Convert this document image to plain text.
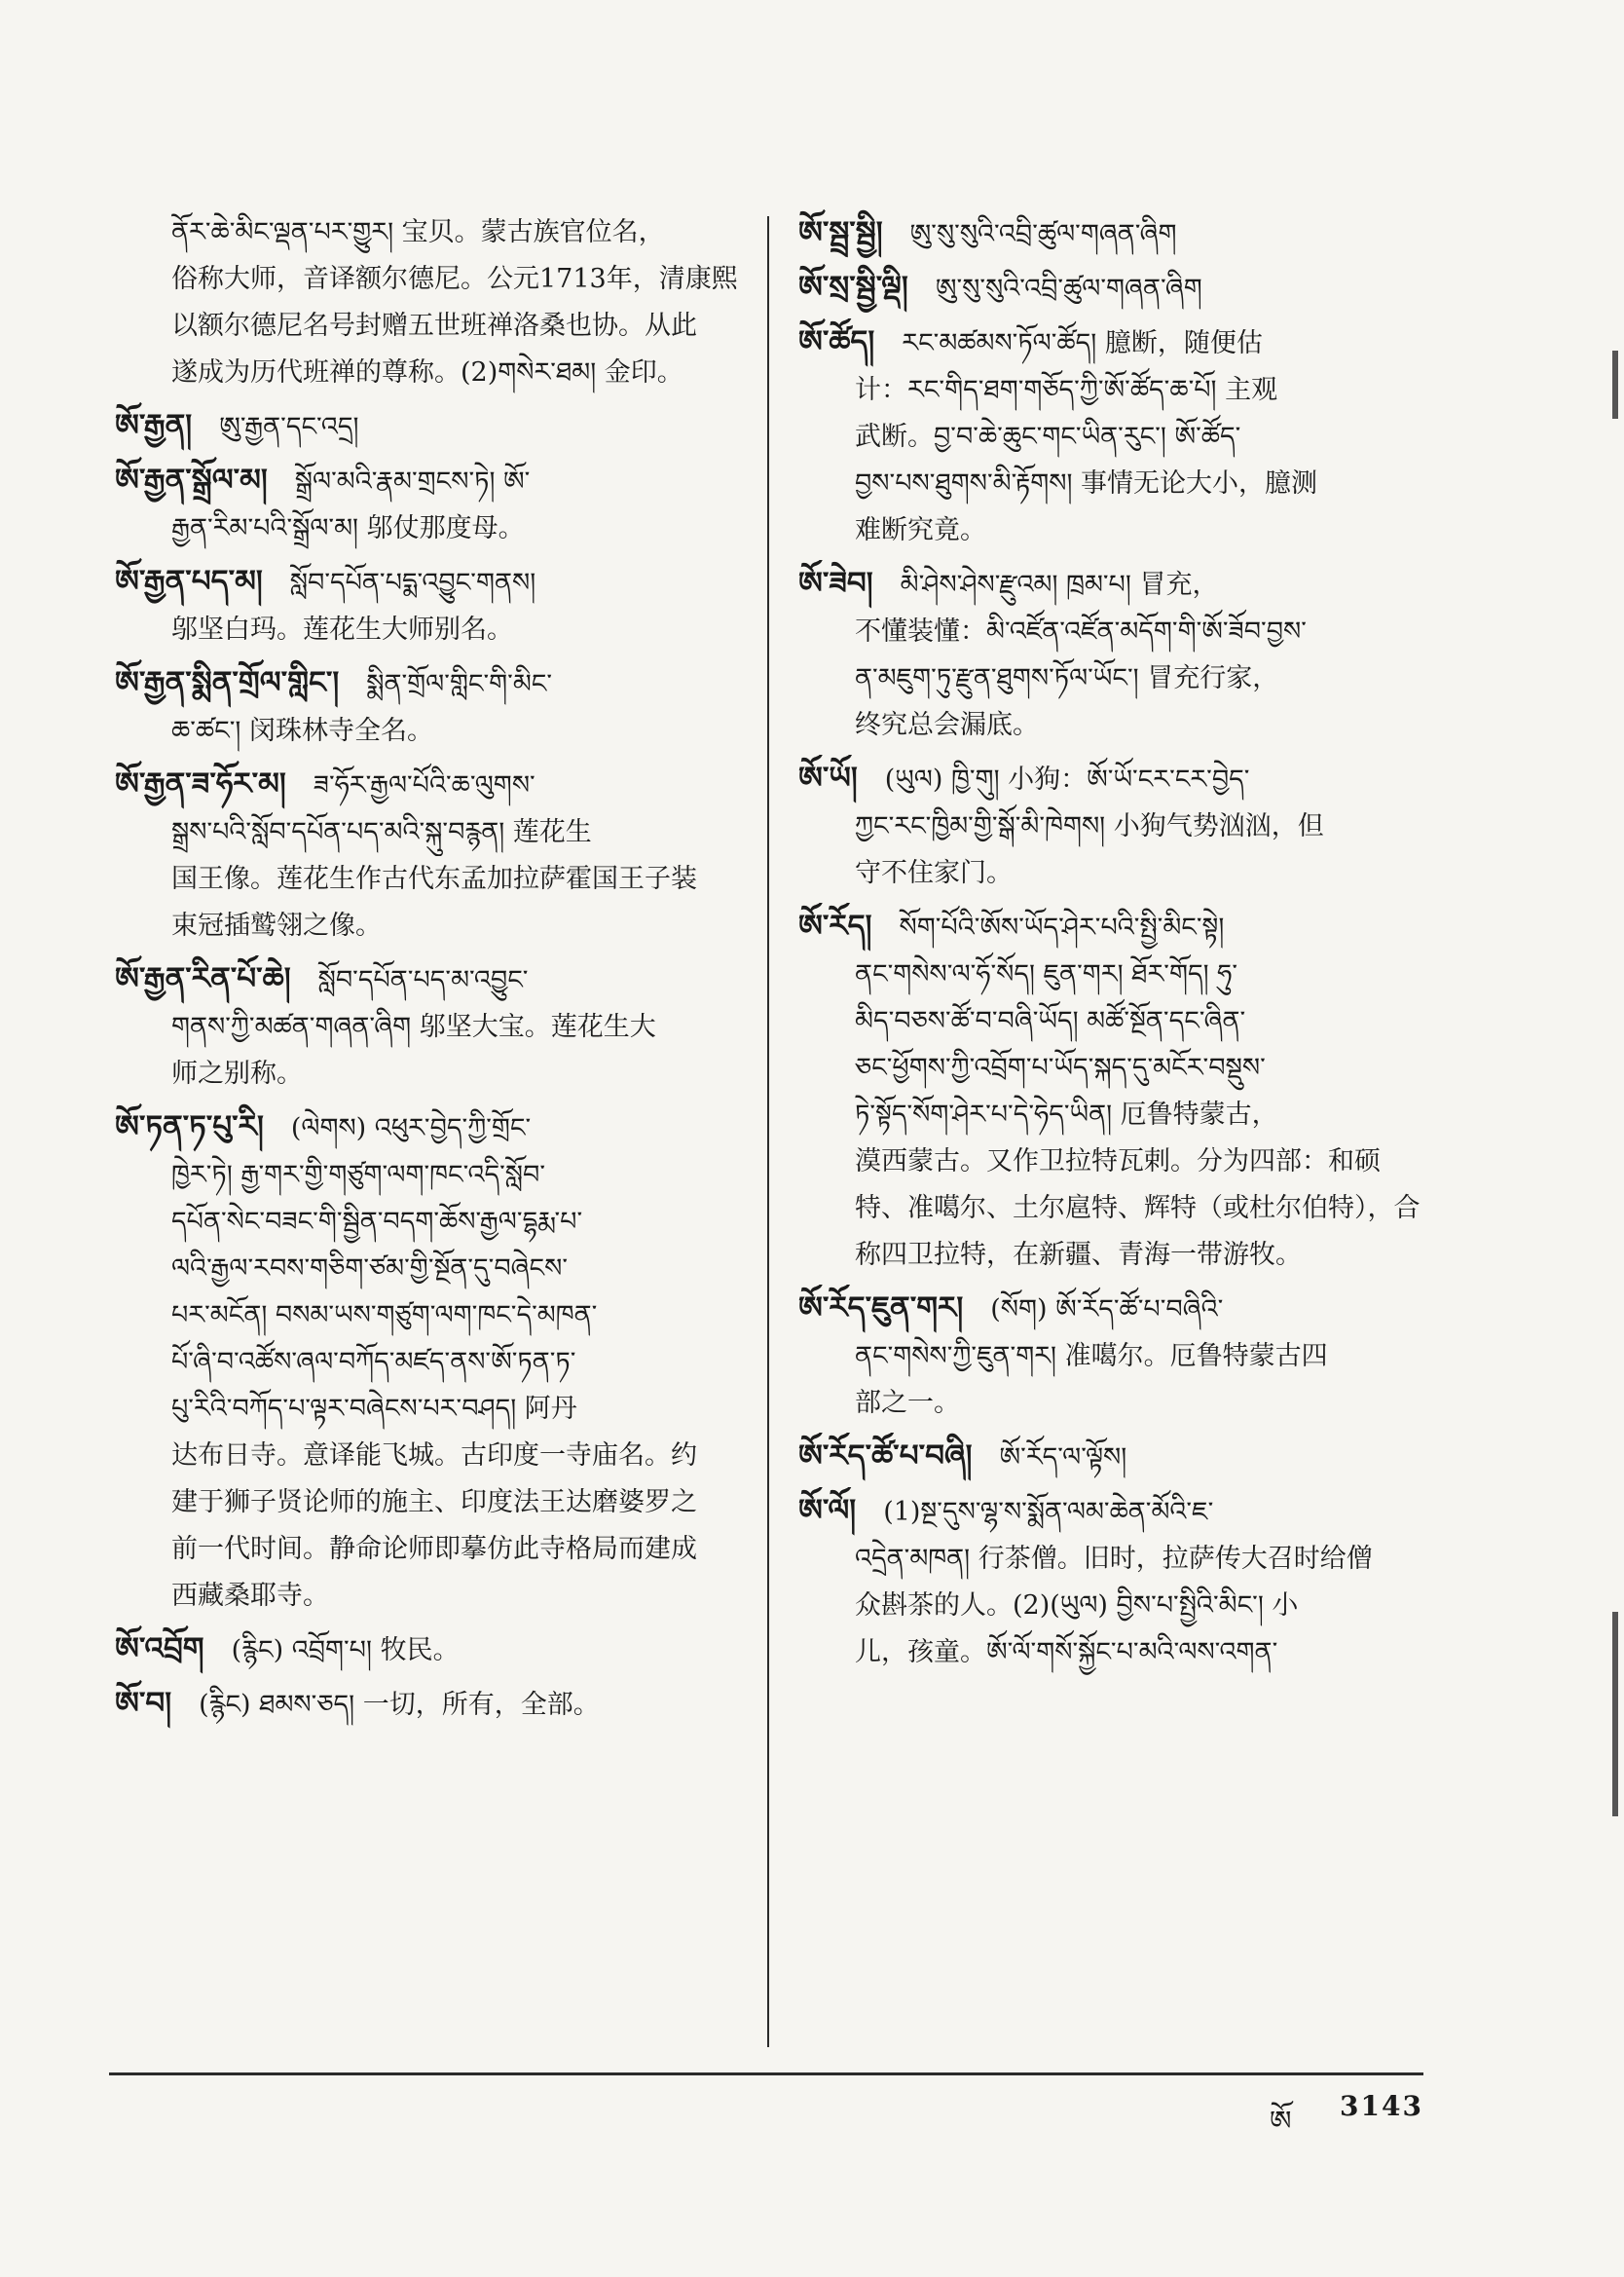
ནོར་ཆེ་མིང་ལྡན་པར་གྱུར། 宝贝。蒙古族官位名，
俗称大师，音译额尔德尼。公元1713年，清康熙
以额尔德尼名号封赠五世班禅洛桑也协。从此
遂成为历代班禅的尊称。(2)གསེར་ཐམ། 金印。
ཨོ་རྒྱན། ཨུ་རྒྱན་དང་འདྲ།
ཨོ་རྒྱན་སྒྲོལ་མ། སྒྲོལ་མའི་རྣམ་གྲངས་ཏེ། ཨོ་
རྒྱན་རིམ་པའི་སྒྲོལ་མ། 邬仗那度母。
ཨོ་རྒྱན་པད་མ། སློབ་དཔོན་པདྨ་འབྱུང་གནས།
邬坚白玛。莲花生大师别名。
ཨོ་རྒྱན་སྨིན་གྲོལ་གླིང་། སྨིན་གྲོལ་གླིང་གི་མིང་
ཆ་ཚང་། 闵珠林寺全名。
ཨོ་རྒྱན་ཟ་ཧོར་མ། ཟ་ཧོར་རྒྱལ་པོའི་ཆ་ལུགས་
སྒྲས་པའི་སློབ་དཔོན་པད་མའི་སྐུ་བརྙན། 莲花生
国王像。莲花生作古代东孟加拉萨霍国王子装
束冠插鹫翎之像。
ཨོ་རྒྱན་རིན་པོ་ཆེ། སློབ་དཔོན་པད་མ་འབྱུང་
གནས་ཀྱི་མཚན་གཞན་ཞིག 邬坚大宝。莲花生大
师之别称。
ཨོ་ཏན་ཏ་པུ་རི། (ལེགས) འཕུར་བྱེད་ཀྱི་གྲོང་
ཁྱེར་ཏེ། རྒྱ་གར་གྱི་གཙུག་ལག་ཁང་འདི་སློབ་
དཔོན་སེང་བཟང་གི་སྦྱིན་བདག་ཆོས་རྒྱལ་དྷརྨ་པ་
ལའི་རྒྱལ་རབས་གཅིག་ཙམ་གྱི་སྔོན་དུ་བཞེངས་
པར་མངོན། བསམ་ཡས་གཙུག་ལག་ཁང་དེ་མཁན་
པོ་ཞི་བ་འཚོས་ཞལ་བཀོད་མཛད་ནས་ཨོ་ཏན་ཏ་
པུ་རིའི་བཀོད་པ་ལྟར་བཞེངས་པར་བཤད། 阿丹
达布日寺。意译能飞城。古印度一寺庙名。约
建于狮子贤论师的施主、印度法王达磨婆罗之
前一代时间。静命论师即摹仿此寺格局而建成
西藏桑耶寺。
ཨོ་འབྲོག (རྙིང) འབྲོག་པ། 牧民。
ཨོ་བ། (རྙིང) ཐམས་ཅད། 一切，所有，全部。
ཨོ་སྦྲ་སྦྱི། ཨུ་སུ་སུའི་འབྲི་ཚུལ་གཞན་ཞིག
ཨོ་སྲ་སྦྱི་ལྡི། ཨུ་སུ་སུའི་འབྲི་ཚུལ་གཞན་ཞིག
ཨོ་ཚོད། རང་མཚམས་ཏོལ་ཚོད། 臆断，随便估
计：རང་གིད་ཐག་གཅོད་ཀྱི་ཨོ་ཚོད་ཆ་པོ། 主观
武断。བྱ་བ་ཆེ་ཆུང་གང་ཡིན་རུང་། ཨོ་ཚོད་
བྱས་པས་ཐུགས་མི་རྟོགས། 事情无论大小，臆测
难断究竟。
ཨོ་ཟེབ། མི་ཤེས་ཤེས་རྫུའམ། ཁྲམ་པ། 冒充，
不懂装懂：མི་འཛོན་འཛོན་མདོག་གི་ཨོ་ཟོབ་བྱས་
ན་མཇུག་ཏུ་རྫུན་ཐུགས་ཏོལ་ཡོང་། 冒充行家，
终究总会漏底。
ཨོ་ཡོ། (ཡུལ) ཁྱི་གུ། 小狗：ཨོ་ཡོ་ངར་ངར་བྱེད་
ཀྱང་རང་ཁྱིམ་གྱི་སྒོ་མི་ཁེགས། 小狗气势汹汹，但
守不住家门。
ཨོ་རོད། སོག་པོའི་ཨོས་ཡོད་ཤེར་པའི་སྤྱི་མིང་སྟེ།
ནང་གསེས་ལ་ཧོ་སོད། ཇུན་གར། ཐོར་གོད། ཧུ་
མིད་བཅས་ཚོ་བ་བཞི་ཡོད། མཚོ་སྔོན་དང་ཞིན་
ཅང་ཕྱོགས་ཀྱི་འབྲོག་པ་ཡོད་སྐད་དུ་མངོར་བསྡུས་
ཏེ་སྟོད་སོག་ཤེར་པ་དེ་ཧེད་ཡིན། 厄鲁特蒙古，
漠西蒙古。又作卫拉特瓦剌。分为四部：和硕
特、准噶尔、土尔扈特、辉特（或杜尔伯特），合
称四卫拉特，在新疆、青海一带游牧。
ཨོ་རོད་ཇུན་གར། (སོག) ཨོ་རོད་ཚོ་པ་བཞིའི་
ནང་གསེས་ཀྱི་ཇུན་གར། 准噶尔。厄鲁特蒙古四
部之一。
ཨོ་རོད་ཚོ་པ་བཞི། ཨོ་རོད་ལ་ལྟོས།
ཨོ་ལོ། (1)སྔ་དུས་ལྷ་ས་སྨོན་ལམ་ཆེན་མོའི་ཇ་
འདྲེན་མཁན། 行茶僧。旧时，拉萨传大召时给僧
众斟茶的人。(2)(ཡུལ) བྱིས་པ་སྤྱིའི་མིང་། 小
儿，孩童。ཨོ་ལོ་གསོ་སྐྱོང་པ་མའི་ལས་འགན་
ཨོ 3143
